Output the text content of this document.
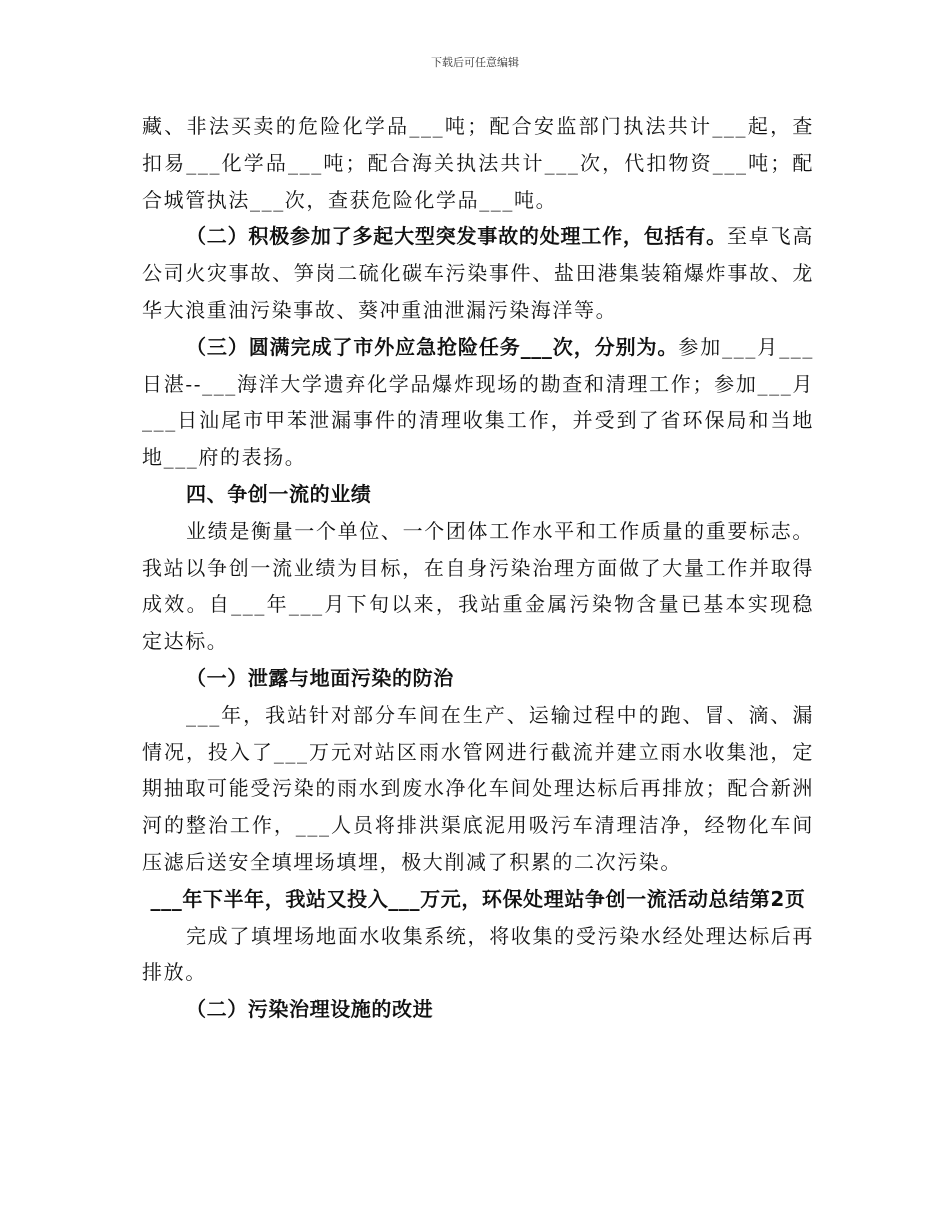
下载后可任意编辑

藏、非法买卖的危险化学品___吨；配合安监部门执法共计___起，查扣易___化学品___吨；配合海关执法共计___次，代扣物资___吨；配合城管执法___次，查获危险化学品___吨。

（二）积极参加了多起大型突发事故的处理工作，包括有。至卓飞高公司火灾事故、笋岗二硫化碳车污染事件、盐田港集装箱爆炸事故、龙华大浪重油污染事故、葵冲重油泄漏污染海洋等。

（三）圆满完成了市外应急抢险任务___次，分别为。参加___月___日湛--___海洋大学遗弃化学品爆炸现场的勘查和清理工作；参加___月___日汕尾市甲苯泄漏事件的清理收集工作，并受到了省环保局和当地地___府的表扬。

四、争创一流的业绩

业绩是衡量一个单位、一个团体工作水平和工作质量的重要标志。我站以争创一流业绩为目标，在自身污染治理方面做了大量工作并取得成效。自___年___月下旬以来，我站重金属污染物含量已基本实现稳定达标。

（一）泄露与地面污染的防治

___年，我站针对部分车间在生产、运输过程中的跑、冒、滴、漏情况，投入了___万元对站区雨水管网进行截流并建立雨水收集池，定期抽取可能受污染的雨水到废水净化车间处理达标后再排放；配合新洲河的整治工作，___人员将排洪渠底泥用吸污车清理洁净，经物化车间压滤后送安全填埋场填埋，极大削减了积累的二次污染。

___年下半年，我站又投入___万元，环保处理站争创一流活动总结第2页

完成了填埋场地面水收集系统，将收集的受污染水经处理达标后再排放。

（二）污染治理设施的改进
